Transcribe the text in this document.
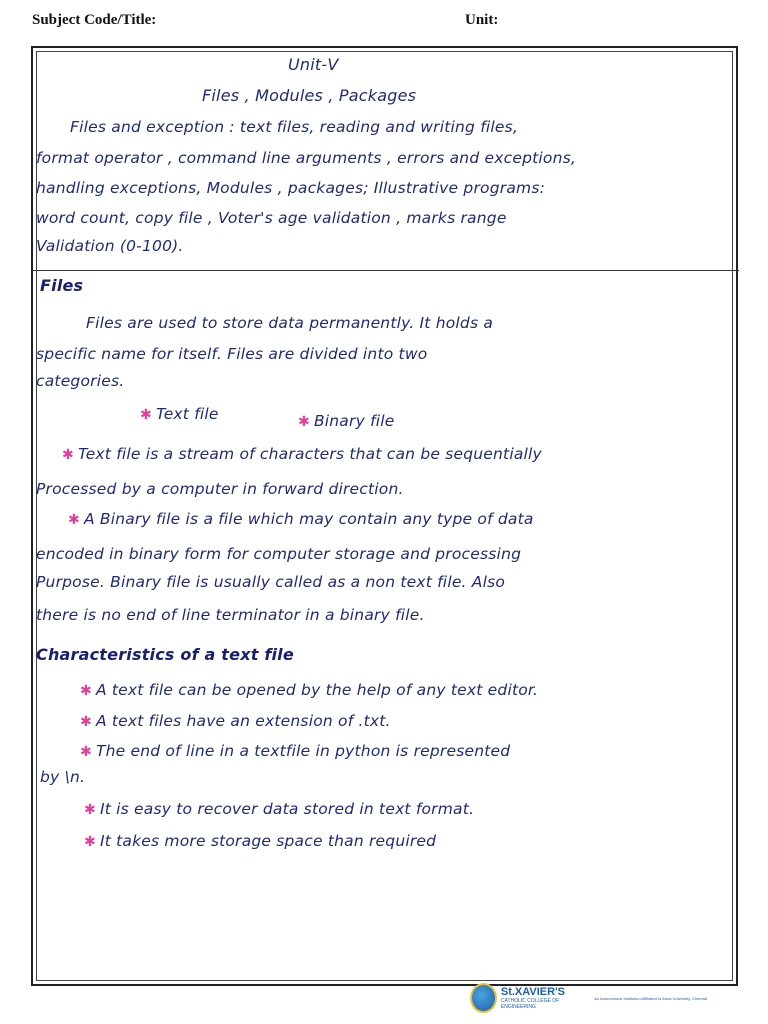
Subject Code/Title:	Unit:
Unit-Ⅴ
Files , Modules , Packages
Files and exception : text files, reading and writing files,
format operator , command line arguments , errors and exceptions,
handling exceptions, Modules , packages; Illustrative programs:
word count, copy file , Voter's age validation , marks range
Validation (0-100).
Files
Files are used to store data permanently. It holds a
specific name for itself. Files are divided into two
categories.
✱ Text file	✱ Binary file
✱ Text file is a stream of characters that can be sequentially
Processed by a computer in forward direction.
✱ A Binary file is a file which may contain any type of data
encoded in binary form for computer storage and processing
Purpose. Binary file is usually called as a non text file. Also
there is no end of line terminator in a binary file.
Characteristics of a text file
✱ A text file can be opened by the help of any text editor.
✱ A text files have an extension of .txt.
✱ The end of line in a textfile in python is represented
by \n.
✱ It is easy to recover data stored in text format.
✱ It takes more storage space than required
St.XAVIER'S
CATHOLIC COLLEGE OF ENGINEERING
An Autonomous Institution Affiliated to Anna University, Chennai
